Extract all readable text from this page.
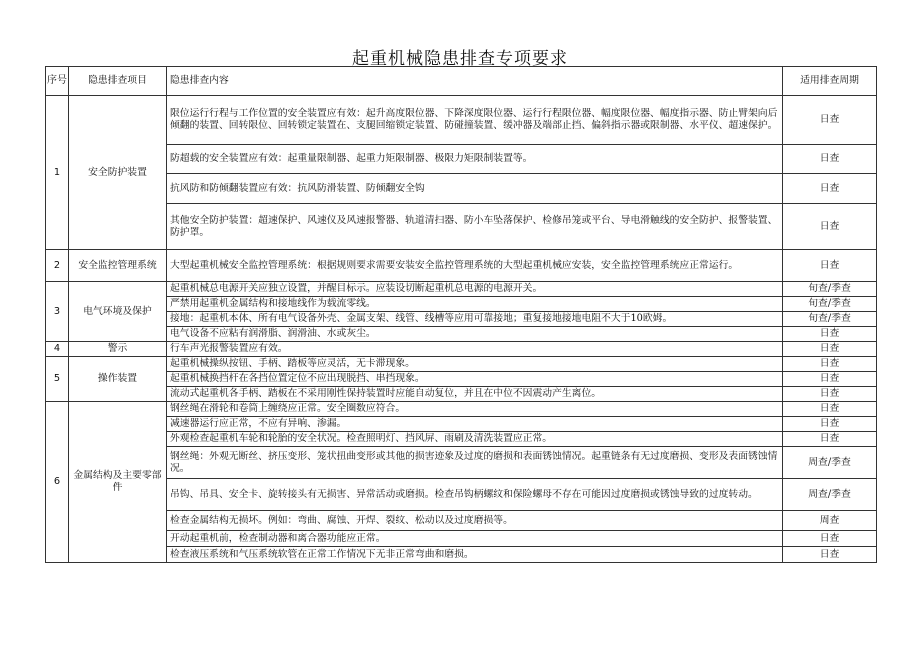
起重机械隐患排查专项要求
序号	隐患排查项目	隐患排查内容	适用排查周期
1	安全防护装置	限位运行行程与工作位置的安全装置应有效：起升高度限位器、下降深度限位器、运行行程限位器、幅度限位器、幅度指示器、防止臂架向后倾翻的装置、回转限位、回转锁定装置在、支腿回缩锁定装置、防碰撞装置、缓冲器及端部止挡、偏斜指示器或限制器、水平仪、超速保护。	日查
		防超载的安全装置应有效：起重量限制器、起重力矩限制器、极限力矩限制装置等。	日查
		抗风防和防倾翻装置应有效：抗风防滑装置、防倾翻安全钩	日查
		其他安全防护装置：超速保护、风速仪及风速报警器、轨道清扫器、防小车坠落保护、检修吊笼或平台、导电滑触线的安全防护、报警装置、防护罩。	日查
2	安全监控管理系统	大型起重机械安全监控管理系统：根据规则要求需要安装安全监控管理系统的大型起重机械应安装，安全监控管理系统应正常运行。	日查
3	电气环境及保护	起重机械总电源开关应独立设置，并醒目标示。应装设切断起重机总电源的电源开关。	旬查/季查
		严禁用起重机金属结构和接地线作为载流零线。	旬查/季查
		接地：起重机本体、所有电气设备外壳、金属支架、线管、线槽等应用可靠接地；重复接地接地电阻不大于10欧姆。	旬查/季查
		电气设备不应粘有润滑脂、润滑油、水或灰尘。	日查
4	警示	行车声光报警装置应有效。	日查
5	操作装置	起重机械操纵按钮、手柄、踏板等应灵活，无卡滞现象。	日查
		起重机械换挡杆在各挡位置定位不应出现脱挡、串挡现象。	日查
		流动式起重机各手柄、踏板在不采用刚性保持装置时应能自动复位，并且在中位不因震动产生离位。	日查
6	金属结构及主要零部件	钢丝绳在滑轮和卷筒上缠绕应正常。安全圈数应符合。	日查
		减速器运行应正常，不应有异响、渗漏。	日查
		外观检查起重机车轮和轮胎的安全状况。检查照明灯、挡风屏、雨刷及清洗装置应正常。	日查
		钢丝绳：外观无断丝、挤压变形、笼状扭曲变形或其他的损害迹象及过度的磨损和表面锈蚀情况。起重链条有无过度磨损、变形及表面锈蚀情况。	周查/季查
		吊钩、吊具、安全卡、旋转接头有无损害、异常活动或磨损。检查吊钩柄螺纹和保险螺母不存在可能因过度磨损或锈蚀导致的过度转动。	周查/季查
		检查金属结构无损坏。例如：弯曲、腐蚀、开焊、裂纹、松动以及过度磨损等。	周查
		开动起重机前，检查制动器和离合器功能应正常。	日查
		检查液压系统和气压系统软管在正常工作情况下无非正常弯曲和磨损。	日查
